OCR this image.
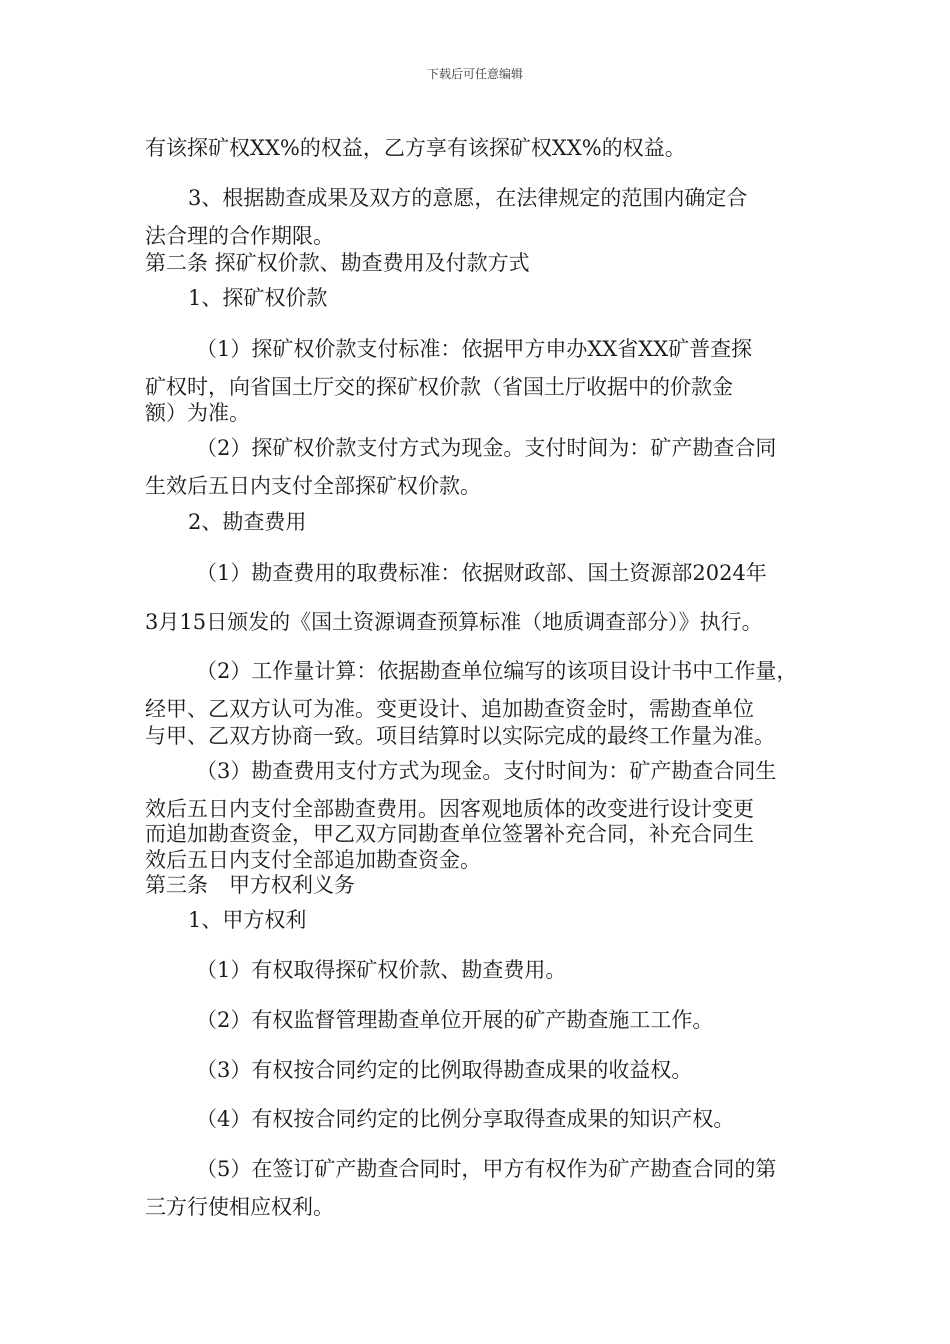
下载后可任意编辑
有该探矿权XX%的权益，乙方享有该探矿权XX%的权益。
3、根据勘查成果及双方的意愿，在法律规定的范围内确定合
法合理的合作期限。
第二条 探矿权价款、勘查费用及付款方式
1、探矿权价款
（1）探矿权价款支付标准：依据甲方申办XX省XX矿普查探
矿权时，向省国土厅交的探矿权价款（省国土厅收据中的价款金
额）为准。
（2）探矿权价款支付方式为现金。支付时间为：矿产勘查合同
生效后五日内支付全部探矿权价款。
2、勘查费用
（1）勘查费用的取费标准：依据财政部、国土资源部2024年
3月15日颁发的《国土资源调查预算标准（地质调查部分）》执行。
（2）工作量计算：依据勘查单位编写的该项目设计书中工作量，
经甲、乙双方认可为准。变更设计、追加勘查资金时，需勘查单位
与甲、乙双方协商一致。项目结算时以实际完成的最终工作量为准。
（3）勘查费用支付方式为现金。支付时间为：矿产勘查合同生
效后五日内支付全部勘查费用。因客观地质体的改变进行设计变更
而追加勘查资金，甲乙双方同勘查单位签署补充合同，补充合同生
效后五日内支付全部追加勘查资金。
第三条　甲方权利义务
1、甲方权利
（1）有权取得探矿权价款、勘查费用。
（2）有权监督管理勘查单位开展的矿产勘查施工工作。
（3）有权按合同约定的比例取得勘查成果的收益权。
（4）有权按合同约定的比例分享取得查成果的知识产权。
（5）在签订矿产勘查合同时，甲方有权作为矿产勘查合同的第
三方行使相应权利。
